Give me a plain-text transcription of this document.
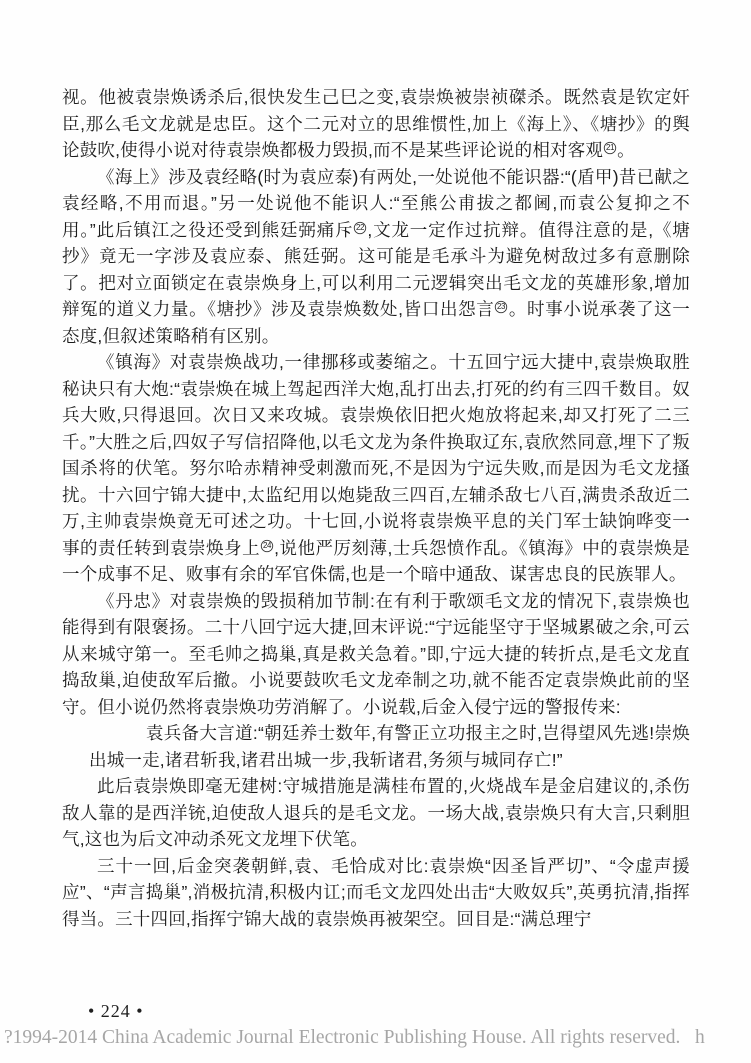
视。他被袁崇焕诱杀后,很快发生己巳之变,袁崇焕被崇祯磔杀。既然袁是钦定奸臣,那么毛文龙就是忠臣。这个二元对立的思维惯性,加上《海上》、《塘抄》的舆论鼓吹,使得小说对待袁崇焕都极力毁损,而不是某些评论说的相对客观 $^{21}$ 。

《海上》涉及袁经略(时为袁应泰)有两处,一处说他不能识器:“(盾甲)昔已献之袁经略,不用而退。”另一处说他不能识人:“至熊公甫拔之都阃,而袁公复抑之不用。”此后镇江之役还受到熊廷弼痛斥 $^{22}$ ,文龙一定作过抗辩。值得注意的是,《塘抄》竟无一字涉及袁应泰、熊廷弼。这可能是毛承斗为避免树敌过多有意删除了。把对立面锁定在袁崇焕身上,可以利用二元逻辑突出毛文龙的英雄形象,增加辩冤的道义力量。《塘抄》涉及袁崇焕数处,皆口出怨言 $^{23}$ 。时事小说承袭了这一态度,但叙述策略稍有区别。

《镇海》对袁崇焕战功,一律挪移或萎缩之。十五回宁远大捷中,袁崇焕取胜秘诀只有大炮:“袁崇焕在城上驾起西洋大炮,乱打出去,打死的约有三四千数目。奴兵大败,只得退回。次日又来攻城。袁崇焕依旧把火炮放将起来,却又打死了二三千。”大胜之后,四奴子写信招降他,以毛文龙为条件换取辽东,袁欣然同意,埋下了叛国杀将的伏笔。努尔哈赤精神受刺激而死,不是因为宁远失败,而是因为毛文龙搔扰。十六回宁锦大捷中,太监纪用以炮毙敌三四百,左辅杀敌七八百,满贵杀敌近二万,主帅袁崇焕竟无可述之功。十七回,小说将袁崇焕平息的关门军士缺饷哗变一事的责任转到袁崇焕身上 $^{24}$ ,说他严厉刻薄,士兵怨愤作乱。《镇海》中的袁崇焕是一个成事不足、败事有余的军官侏儒,也是一个暗中通敌、谋害忠良的民族罪人。

《丹忠》对袁崇焕的毁损稍加节制:在有利于歌颂毛文龙的情况下,袁崇焕也能得到有限褒扬。二十八回宁远大捷,回末评说:“宁远能坚守于坚城累破之余,可云从来城守第一。至毛帅之捣巢,真是救关急着。”即,宁远大捷的转折点,是毛文龙直捣敌巢,迫使敌军后撤。小说要鼓吹毛文龙牵制之功,就不能否定袁崇焕此前的坚守。但小说仍然将袁崇焕功劳消解了。小说载,后金入侵宁远的警报传来:

袁兵备大言道:“朝廷养士数年,有警正立功报主之时,岂得望风先逃!崇焕出城一走,诸君斩我,诸君出城一步,我斩诸君,务须与城同存亡!”

此后袁崇焕即毫无建树:守城措施是满桂布置的,火烧战车是金启建议的,杀伤敌人靠的是西洋铳,迫使敌人退兵的是毛文龙。一场大战,袁崇焕只有大言,只剩胆气,这也为后文冲动杀死文龙埋下伏笔。

三十一回,后金突袭朝鲜,袁、毛恰成对比:袁崇焕“因圣旨严切”、“令虚声援应”、“声言捣巢”,消极抗清,积极内讧;而毛文龙四处出击“大败奴兵”,英勇抗清,指挥得当。三十四回,指挥宁锦大战的袁崇焕再被架空。回目是:“满总理宁

• 224 •
?1994-2014 China Academic Journal Electronic Publishing House. All rights reserved.   h
